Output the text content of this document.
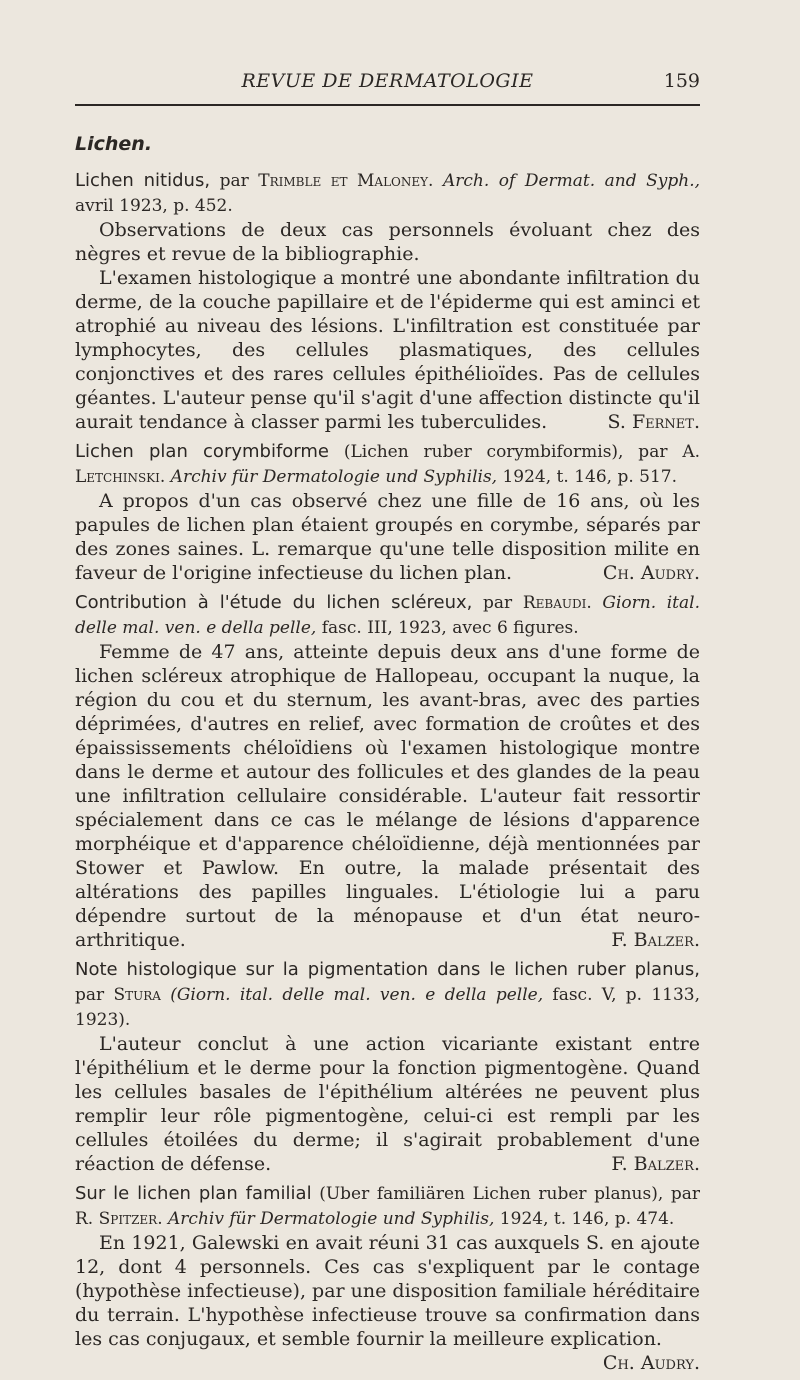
REVUE DE DERMATOLOGIE	159
Lichen.

Lichen nitidus, par Trimble et Maloney. Arch. of Dermat. and Syph., avril 1923, p. 452.

Observations de deux cas personnels évoluant chez des nègres et revue de la bibliographie.

L'examen histologique a montré une abondante infiltration du derme, de la couche papillaire et de l'épiderme qui est aminci et atrophié au niveau des lésions. L'infiltration est constituée par lymphocytes, des cellules plasmatiques, des cellules conjonctives et des rares cellules épithélioïdes. Pas de cellules géantes. L'auteur pense qu'il s'agit d'une affection distincte qu'il aurait tendance à classer parmi les tuberculides.	S. Fernet.

Lichen plan corymbiforme (Lichen ruber corymbiformis), par A. Letchinski. Archiv für Dermatologie und Syphilis, 1924, t. 146, p. 517.

A propos d'un cas observé chez une fille de 16 ans, où les papules de lichen plan étaient groupés en corymbe, séparés par des zones saines. L. remarque qu'une telle disposition milite en faveur de l'origine infectieuse du lichen plan.	Ch. Audry.

Contribution à l'étude du lichen scléreux, par Rebaudi. Giorn. ital. delle mal. ven. e della pelle, fasc. III, 1923, avec 6 figures.

Femme de 47 ans, atteinte depuis deux ans d'une forme de lichen scléreux atrophique de Hallopeau, occupant la nuque, la région du cou et du sternum, les avant-bras, avec des parties déprimées, d'autres en relief, avec formation de croûtes et des épaississements chéloïdiens où l'examen histologique montre dans le derme et autour des follicules et des glandes de la peau une infiltration cellulaire considérable. L'auteur fait ressortir spécialement dans ce cas le mélange de lésions d'apparence morphéique et d'apparence chéloïdienne, déjà mentionnées par Stower et Pawlow. En outre, la malade présentait des altérations des papilles linguales. L'étiologie lui a paru dépendre surtout de la ménopause et d'un état neuro-arthritique.	F. Balzer.

Note histologique sur la pigmentation dans le lichen ruber planus, par Stura (Giorn. ital. delle mal. ven. e della pelle, fasc. V, p. 1133, 1923).

L'auteur conclut à une action vicariante existant entre l'épithélium et le derme pour la fonction pigmentogène. Quand les cellules basales de l'épithélium altérées ne peuvent plus remplir leur rôle pigmentogène, celui-ci est rempli par les cellules étoilées du derme; il s'agirait probablement d'une réaction de défense.	F. Balzer.

Sur le lichen plan familial (Uber familiären Lichen ruber planus), par R. Spitzer. Archiv für Dermatologie und Syphilis, 1924, t. 146, p. 474.

En 1921, Galewski en avait réuni 31 cas auxquels S. en ajoute 12, dont 4 personnels. Ces cas s'expliquent par le contage (hypothèse infectieuse), par une disposition familiale héréditaire du terrain. L'hypothèse infectieuse trouve sa confirmation dans les cas conjugaux, et semble fournir la meilleure explication.
Ch. Audry.
